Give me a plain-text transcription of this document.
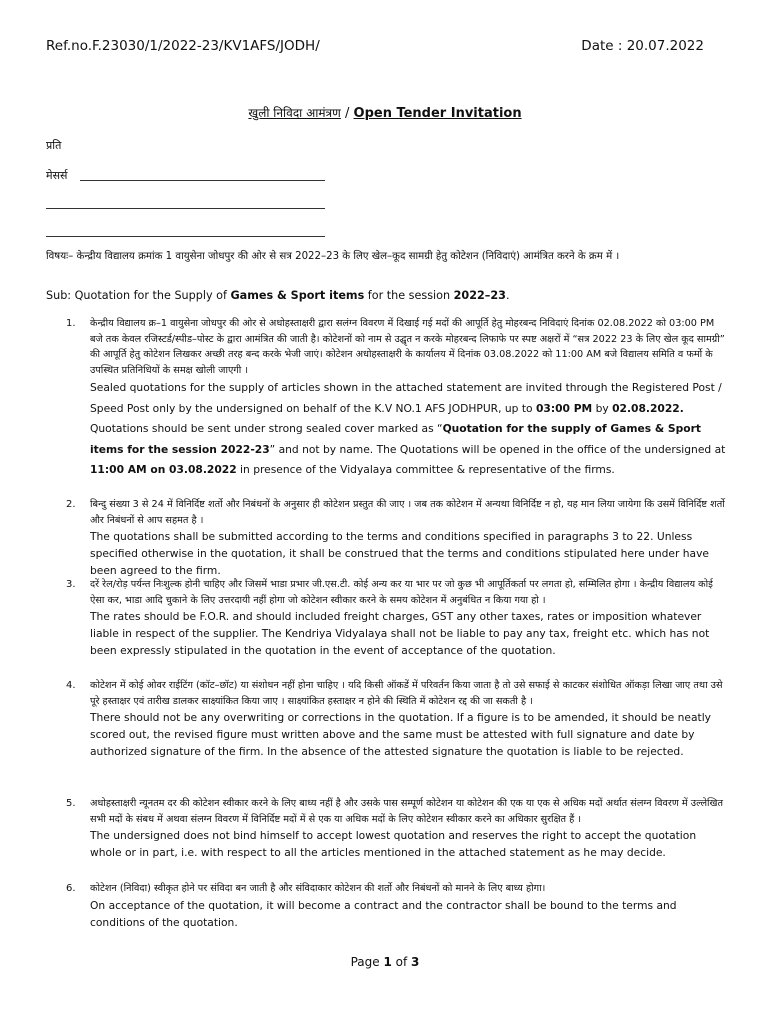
Ref.no.F.23030/1/2022-23/KV1AFS/JODH/	Date : 20.07.2022
खुली निविदा आमंत्रण / Open Tender Invitation
प्रति
मेसर्स
विषयः– केन्द्रीय विद्यालय क्रमांक 1 वायुसेना जोधपुर की ओर से सत्र 2022–23 के लिए खेल–कूद सामग्री हेतु कोटेशन (निविदाएं) आमंत्रित करने के क्रम में ।
Sub: Quotation for the Supply of Games & Sport items for the session 2022–23.
1. केन्द्रीय विद्यालय क्र–1 वायुसेना जोधपुर की ओर से अधोहस्ताक्षरी द्वारा सलंग्न विवरण में दिखाई गई मदों की आपूर्ति हेतु मोहरबन्द निविदाएं दिनांक 02.08.2022 को 03:00 PM बजे तक केवल रजिस्टर्ड/स्पीड–पोस्ट के द्वारा आमंत्रित की जाती है। कोटेशनों को नाम से उद्घृत न करके मोहरबन्द लिफाफे पर स्पष्ट अक्षरों में “सत्र 2022 23 के लिए खेल कूद सामग्री” की आपूर्ति हेतु कोटेशन लिखकर अच्छी तरह बन्द करके भेजी जाएं। कोटेशन अधोहस्ताक्षरी के कार्यालय में दिनांक 03.08.2022 को 11:00 AM बजे विद्यालय समिति व फर्मो के उपस्थित प्रतिनिधियों के समक्ष खोली जाएगी ।

Sealed quotations for the supply of articles shown in the attached statement are invited through the Registered Post / Speed Post only by the undersigned on behalf of the K.V NO.1 AFS JODHPUR, up to 03:00 PM by 02.08.2022. Quotations should be sent under strong sealed cover marked as “Quotation for the supply of Games & Sport items for the session 2022-23” and not by name. The Quotations will be opened in the office of the undersigned at 11:00 AM on 03.08.2022 in presence of the Vidyalaya committee & representative of the firms.

2. बिन्दु संख्या 3 से 24 में विनिर्दिष्ट शर्तो और निबंधनों के अनुसार ही कोटेशन प्रस्तुत की जाए । जब तक कोटेशन में अन्यथा विनिर्दिष्ट न हो, यह मान लिया जायेगा कि उसमें विनिर्दिष्ट शर्तो और निबंधनों से आप सहमत है ।

The quotations shall be submitted according to the terms and conditions specified in paragraphs 3 to 22. Unless specified otherwise in the quotation, it shall be construed that the terms and conditions stipulated here under have been agreed to the firm.

3. दरें रेल/रोड़ पर्यन्त निःशुल्क होनी चाहिए और जिसमें भाडा प्रभार जी.एस.टी. कोई अन्य कर या भार पर जो कुछ भी आपूर्तिकर्ता पर लगता हो, सम्मिलित होगा । केन्द्रीय विद्यालय कोई ऐसा कर, भाडा आदि चुकाने के लिए उत्तरदायी नहीं होगा जो कोटेशन स्वीकार करने के समय कोटेशन में अनुबंधित न किया गया हो ।

The rates should be F.O.R. and should included freight charges, GST any other taxes, rates or imposition whatever liable in respect of the supplier. The Kendriya Vidyalaya shall not be liable to pay any tax, freight etc. which has not been expressly stipulated in the quotation in the event of acceptance of the quotation.

4. कोटेशन में कोई ओवर राईटिंग (कॉट–छॉट) या संशोधन नहीं होना चाहिए । यदि किसी ऑकडें में परिवर्तन किया जाता है तो उसे सफाई से काटकर संशोधित ऑकड़ा लिखा जाए तथा उसे पूरे हस्ताक्षर एवं तारीख डालकर साक्ष्यांकित किया जाए । साक्ष्यांकित हस्ताक्षर न होने की स्थिति में कोटेशन रद्द की जा सकती है ।

There should not be any overwriting or corrections in the quotation. If a figure is to be amended, it should be neatly scored out, the revised figure must written above and the same must be attested with full signature and date by authorized signature of the firm. In the absence of the attested signature the quotation is liable to be rejected.

5. अधोहस्ताक्षरी न्यूनतम दर की कोटेशन स्वीकार करने के लिए बाध्य नहीं है और उसके पास सम्पूर्ण कोटेशन या कोटेशन की एक या एक से अधिक मदों अर्थात संलग्न विवरण में उल्लेखित सभी मदों के संबध में अथवा संलग्न विवरण में विनिर्दिष्ट मदों में से एक या अधिक मदों के लिए कोटेशन स्वीकार करने का अधिकार सुरक्षित हैं ।

The undersigned does not bind himself to accept lowest quotation and reserves the right to accept the quotation whole or in part, i.e. with respect to all the articles mentioned in the attached statement as he may decide.

6. कोटेशन (निविदा) स्वीकृत होने पर संविदा बन जाती है और संविदाकार कोटेशन की शर्तो और निबंधनों को मानने के लिए बाध्य होगा।

On acceptance of the quotation, it will become a contract and the contractor shall be bound to the terms and conditions of the quotation.

Page 1 of 3
